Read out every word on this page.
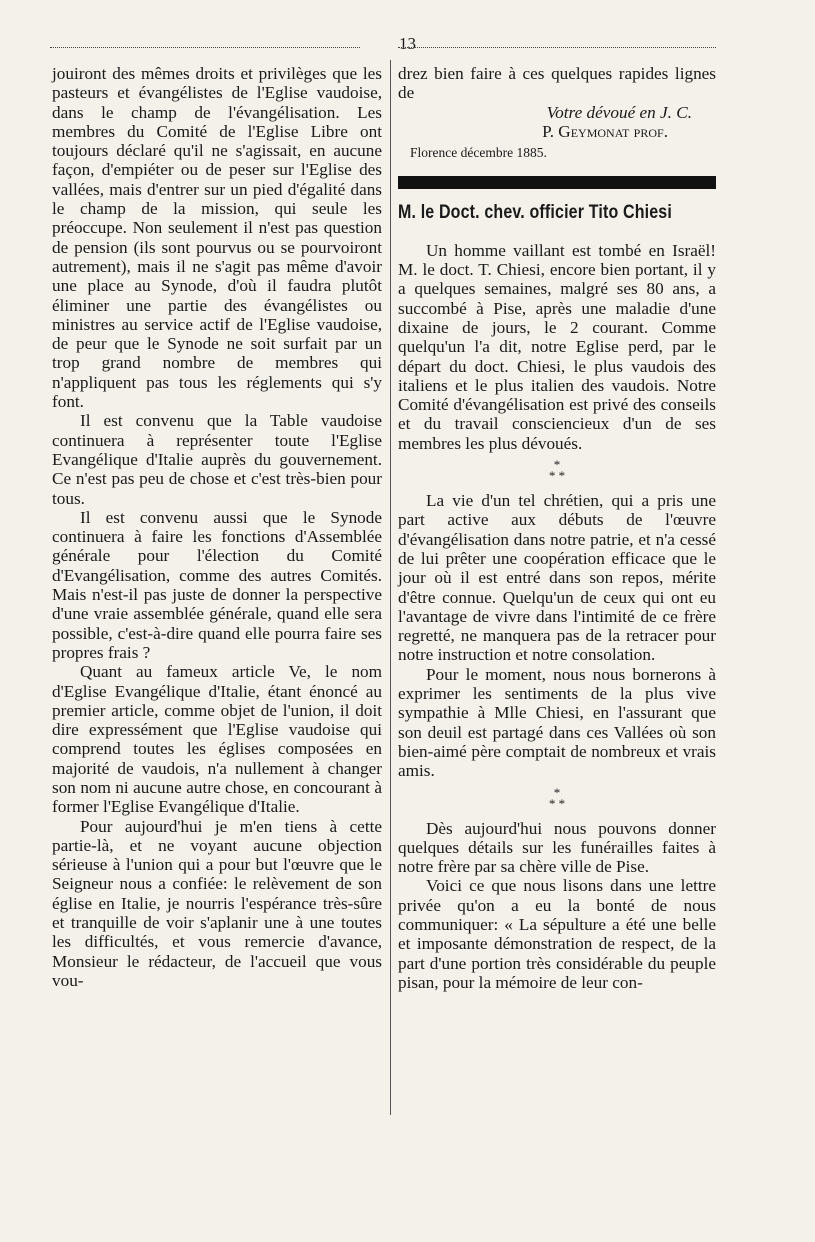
13

jouiront des mêmes droits et privilèges que les pasteurs et évangélistes de l'Eglise vaudoise, dans le champ de l'évangélisation. Les membres du Comité de l'Eglise Libre ont toujours déclaré qu'il ne s'agissait, en aucune façon, d'empiéter ou de peser sur l'Eglise des vallées, mais d'entrer sur un pied d'égalité dans le champ de la mission, qui seule les préoccupe. Non seulement il n'est pas question de pension (ils sont pourvus ou se pourvoiront autrement), mais il ne s'agit pas même d'avoir une place au Synode, d'où il faudra plutôt éliminer une partie des évangélistes ou ministres au service actif de l'Eglise vaudoise, de peur que le Synode ne soit surfait par un trop grand nombre de membres qui n'appliquent pas tous les réglements qui s'y font.

Il est convenu que la Table vaudoise continuera à représenter toute l'Eglise Evangélique d'Italie auprès du gouvernement. Ce n'est pas peu de chose et c'est très-bien pour tous.

Il est convenu aussi que le Synode continuera à faire les fonctions d'Assemblée générale pour l'élection du Comité d'Evangélisation, comme des autres Comités. Mais n'est-il pas juste de donner la perspective d'une vraie assemblée générale, quand elle sera possible, c'est-à-dire quand elle pourra faire ses propres frais ?

Quant au fameux article Ve, le nom d'Eglise Evangélique d'Italie, étant énoncé au premier article, comme objet de l'union, il doit dire expressément que l'Eglise vaudoise qui comprend toutes les églises composées en majorité de vaudois, n'a nullement à changer son nom ni aucune autre chose, en concourant à former l'Eglise Evangélique d'Italie.

Pour aujourd'hui je m'en tiens à cette partie-là, et ne voyant aucune objection sérieuse à l'union qui a pour but l'œuvre que le Seigneur nous a confiée: le relèvement de son église en Italie, je nourris l'espérance très-sûre et tranquille de voir s'aplanir une à une toutes les difficultés, et vous remercie d'avance, Monsieur le rédacteur, de l'accueil que vous vou-

drez bien faire à ces quelques rapides lignes de

Votre dévoué en J. C.

P. Geymonat prof.

Florence décembre 1885.

M. le Doct. chev. officier Tito Chiesi

Un homme vaillant est tombé en Israël! M. le doct. T. Chiesi, encore bien portant, il y a quelques semaines, malgré ses 80 ans, a succombé à Pise, après une maladie d'une dixaine de jours, le 2 courant. Comme quelqu'un l'a dit, notre Eglise perd, par le départ du doct. Chiesi, le plus vaudois des italiens et le plus italien des vaudois. Notre Comité d'évangélisation est privé des conseils et du travail consciencieux d'un de ses membres les plus dévoués.

*
* *

La vie d'un tel chrétien, qui a pris une part active aux débuts de l'œuvre d'évangélisation dans notre patrie, et n'a cessé de lui prêter une coopération efficace que le jour où il est entré dans son repos, mérite d'être connue. Quelqu'un de ceux qui ont eu l'avantage de vivre dans l'intimité de ce frère regretté, ne manquera pas de la retracer pour notre instruction et notre consolation.

Pour le moment, nous nous bornerons à exprimer les sentiments de la plus vive sympathie à Mlle Chiesi, en l'assurant que son deuil est partagé dans ces Vallées où son bien-aimé père comptait de nombreux et vrais amis.

*
* *

Dès aujourd'hui nous pouvons donner quelques détails sur les funérailles faites à notre frère par sa chère ville de Pise.

Voici ce que nous lisons dans une lettre privée qu'on a eu la bonté de nous communiquer: « La sépulture a été une belle et imposante démonstration de respect, de la part d'une portion très considérable du peuple pisan, pour la mémoire de leur con-
